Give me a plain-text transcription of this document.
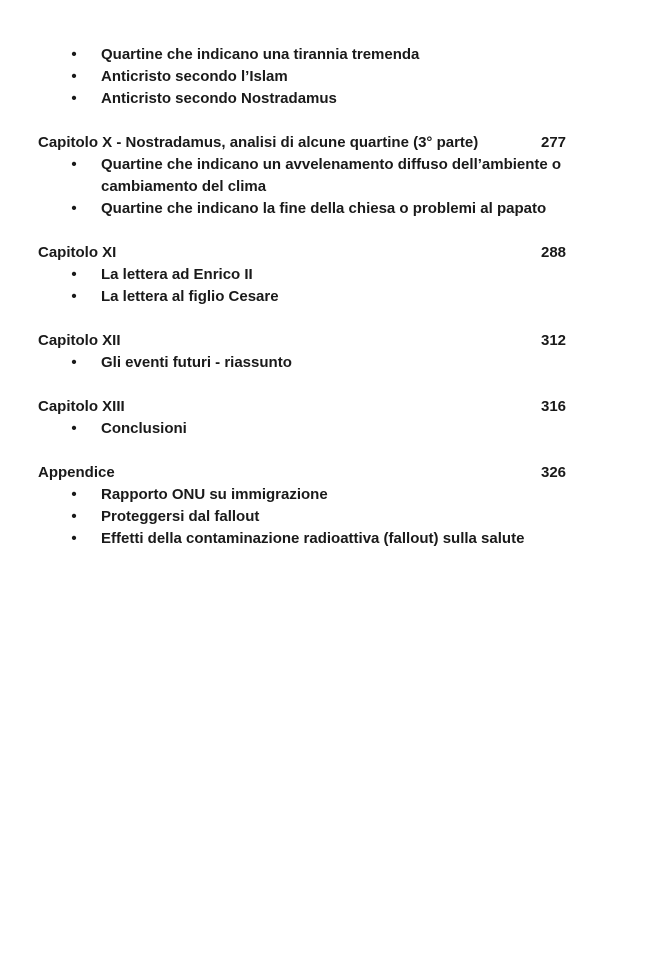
• Quartine che indicano una tirannia tremenda
• Anticristo secondo l’Islam
• Anticristo secondo Nostradamus
Capitolo X - Nostradamus, analisi di alcune quartine (3° parte)	277
• Quartine che indicano un avvelenamento diffuso dell’ambiente o cambiamento del clima
• Quartine che indicano la fine della chiesa o problemi al papato
Capitolo XI	288
• La lettera ad Enrico II
• La lettera al figlio Cesare
Capitolo XII	312
• Gli eventi futuri - riassunto
Capitolo XIII	316
• Conclusioni
Appendice	326
• Rapporto ONU su immigrazione
• Proteggersi dal fallout
• Effetti della contaminazione radioattiva (fallout) sulla salute
